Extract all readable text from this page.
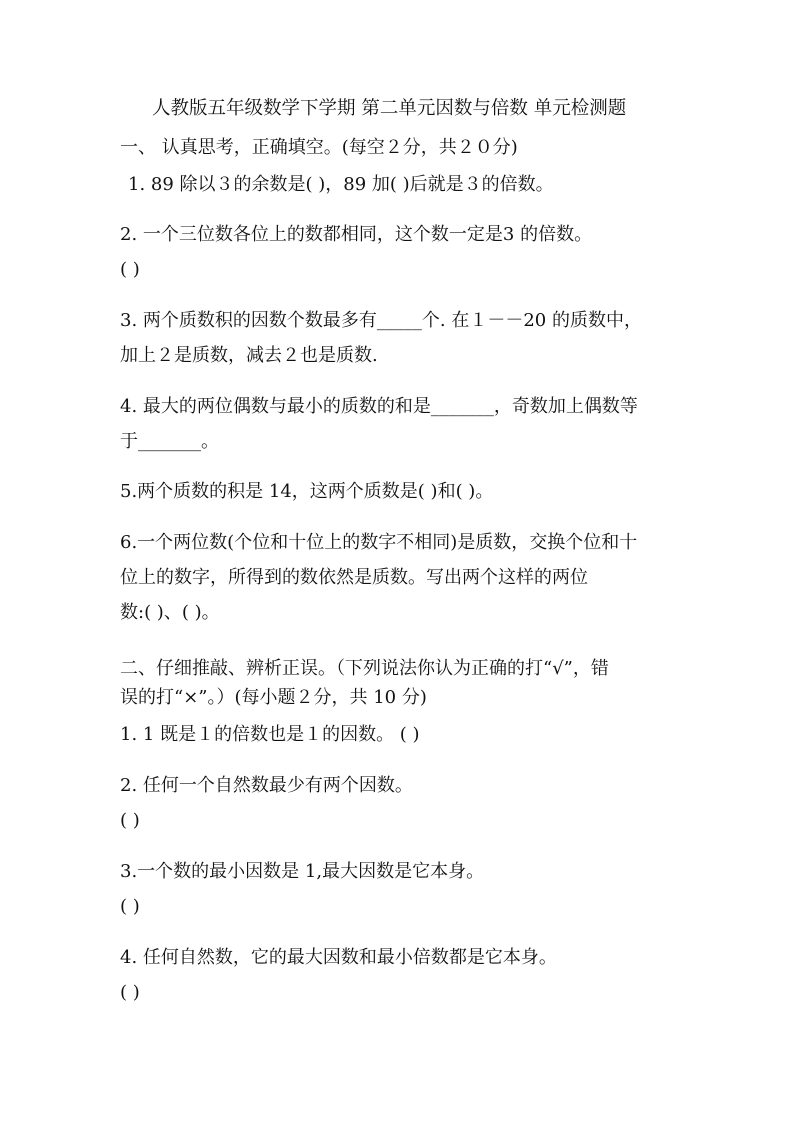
人教版五年级数学下学期 第二单元因数与倍数 单元检测题
一、 认真思考，正确填空。(每空２分，共２０分)
1. 89 除以３的余数是( )，89 加( )后就是３的倍数。
2. 一个三位数各位上的数都相同，这个数一定是3 的倍数。
( )
3. 两个质数积的因数个数最多有_____个. 在１－－20 的质数中，
加上２是质数，减去２也是质数.
4. 最大的两位偶数与最小的质数的和是_______，奇数加上偶数等
于_______。
5.两个质数的积是 14，这两个质数是( )和( )。
6.一个两位数(个位和十位上的数字不相同)是质数，交换个位和十
位上的数字，所得到的数依然是质数。写出两个这样的两位
数:( )、( )。
二、仔细推敲、辨析正误。（下列说法你认为正确的打“√”，错
误的打“×”。）(每小题２分，共 10 分)
1. 1 既是１的倍数也是１的因数。 ( )
2. 任何一个自然数最少有两个因数。
( )
3.一个数的最小因数是 1,最大因数是它本身。
( )
4. 任何自然数，它的最大因数和最小倍数都是它本身。
( )
